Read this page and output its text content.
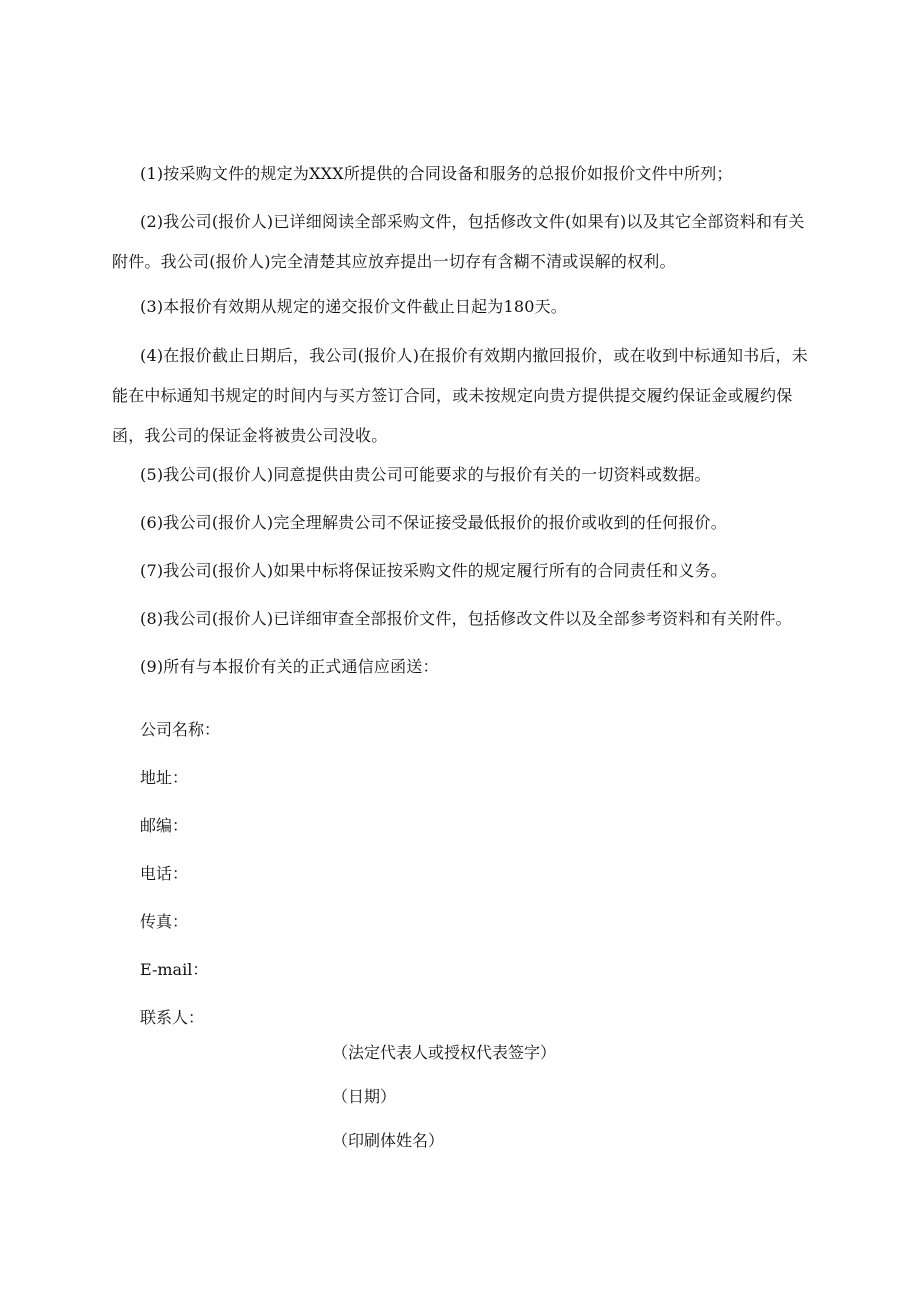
(1)按采购文件的规定为XXX所提供的合同设备和服务的总报价如报价文件中所列；

(2)我公司(报价人)已详细阅读全部采购文件，包括修改文件(如果有)以及其它全部资料和有关附件。我公司(报价人)完全清楚其应放弃提出一切存有含糊不清或误解的权利。

(3)本报价有效期从规定的递交报价文件截止日起为180天。

(4)在报价截止日期后，我公司(报价人)在报价有效期内撤回报价，或在收到中标通知书后，未能在中标通知书规定的时间内与买方签订合同，或未按规定向贵方提供提交履约保证金或履约保函，我公司的保证金将被贵公司没收。

(5)我公司(报价人)同意提供由贵公司可能要求的与报价有关的一切资料或数据。

(6)我公司(报价人)完全理解贵公司不保证接受最低报价的报价或收到的任何报价。

(7)我公司(报价人)如果中标将保证按采购文件的规定履行所有的合同责任和义务。

(8)我公司(报价人)已详细审查全部报价文件，包括修改文件以及全部参考资料和有关附件。

(9)所有与本报价有关的正式通信应函送：

公司名称：
地址：
邮编：
电话：
传真：
E-mail：
联系人：
（法定代表人或授权代表签字）
（日期）
（印刷体姓名）
